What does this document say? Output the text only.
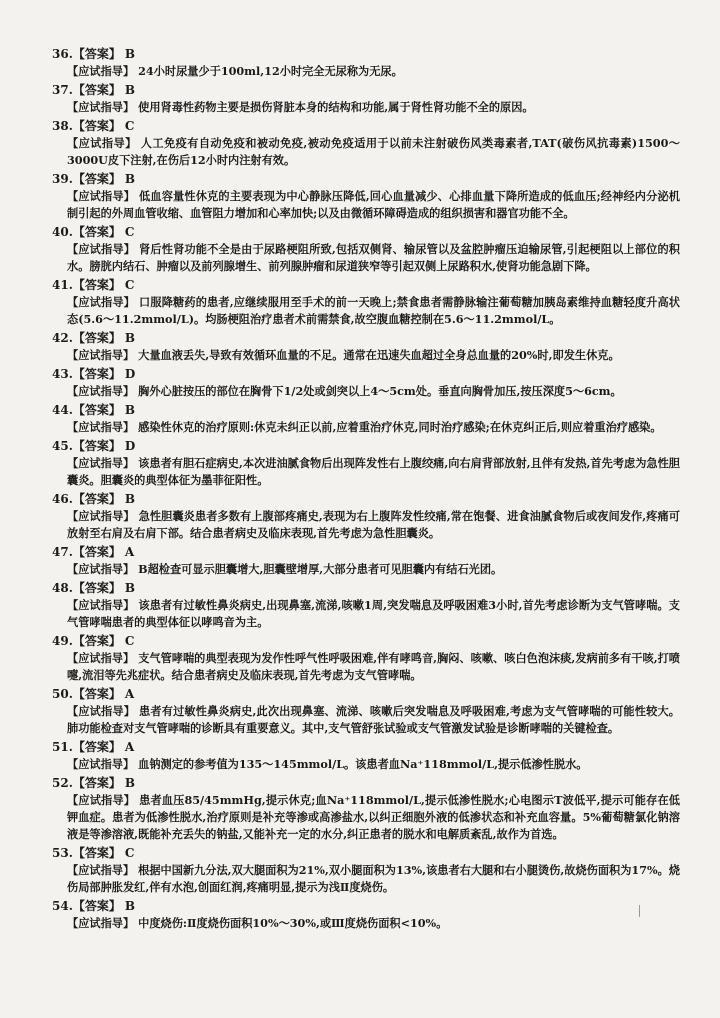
36.【答案】 B
【应试指导】 24小时尿量少于100ml,12小时完全无尿称为无尿。
37.【答案】 B
【应试指导】 使用肾毒性药物主要是损伤肾脏本身的结构和功能,属于肾性肾功能不全的原因。
38.【答案】 C
【应试指导】 人工免疫有自动免疫和被动免疫,被动免疫适用于以前未注射破伤风类毒素者,TAT(破伤风抗毒素)1500～3000U皮下注射,在伤后12小时内注射有效。
39.【答案】 B
【应试指导】 低血容量性休克的主要表现为中心静脉压降低,回心血量减少、心排血量下降所造成的低血压;经神经内分泌机制引起的外周血管收缩、血管阻力增加和心率加快;以及由微循环障碍造成的组织损害和器官功能不全。
40.【答案】 C
【应试指导】 肾后性肾功能不全是由于尿路梗阻所致,包括双侧肾、输尿管以及盆腔肿瘤压迫输尿管,引起梗阻以上部位的积水。膀胱内结石、肿瘤以及前列腺增生、前列腺肿瘤和尿道狭窄等引起双侧上尿路积水,使肾功能急剧下降。
41.【答案】 C
【应试指导】 口服降糖药的患者,应继续服用至手术的前一天晚上;禁食患者需静脉输注葡萄糖加胰岛素维持血糖轻度升高状态(5.6～11.2mmol/L)。均肠梗阻治疗患者术前需禁食,故空腹血糖控制在5.6～11.2mmol/L。
42.【答案】 B
【应试指导】 大量血液丢失,导致有效循环血量的不足。通常在迅速失血超过全身总血量的20%时,即发生休克。
43.【答案】 D
【应试指导】 胸外心脏按压的部位在胸骨下1/2处或剑突以上4～5cm处。垂直向胸骨加压,按压深度5～6cm。
44.【答案】 B
【应试指导】 感染性休克的治疗原则:休克未纠正以前,应着重治疗休克,同时治疗感染;在休克纠正后,则应着重治疗感染。
45.【答案】 D
【应试指导】 该患者有胆石症病史,本次进油腻食物后出现阵发性右上腹绞痛,向右肩背部放射,且伴有发热,首先考虑为急性胆囊炎。胆囊炎的典型体征为墨菲征阳性。
46.【答案】 B
【应试指导】 急性胆囊炎患者多数有上腹部疼痛史,表现为右上腹阵发性绞痛,常在饱餐、进食油腻食物后或夜间发作,疼痛可放射至右肩及右肩下部。结合患者病史及临床表现,首先考虑为急性胆囊炎。
47.【答案】 A
【应试指导】 B超检查可显示胆囊增大,胆囊壁增厚,大部分患者可见胆囊内有结石光团。
48.【答案】 B
【应试指导】 该患者有过敏性鼻炎病史,出现鼻塞,流涕,咳嗽1周,突发喘息及呼吸困难3小时,首先考虑诊断为支气管哮喘。支气管哮喘患者的典型体征以哮鸣音为主。
49.【答案】 C
【应试指导】 支气管哮喘的典型表现为发作性呼气性呼吸困难,伴有哮鸣音,胸闷、咳嗽、咳白色泡沫痰,发病前多有干咳,打喷嚏,流泪等先兆症状。结合患者病史及临床表现,首先考虑为支气管哮喘。
50.【答案】 A
【应试指导】 患者有过敏性鼻炎病史,此次出现鼻塞、流涕、咳嗽后突发喘息及呼吸困难,考虑为支气管哮喘的可能性较大。肺功能检查对支气管哮喘的诊断具有重要意义。其中,支气管舒张试验或支气管激发试验是诊断哮喘的关键检查。
51.【答案】 A
【应试指导】 血钠测定的参考值为135～145mmol/L。该患者血Na⁺118mmol/L,提示低渗性脱水。
52.【答案】 B
【应试指导】 患者血压85/45mmHg,提示休克;血Na⁺118mmol/L,提示低渗性脱水;心电图示T波低平,提示可能存在低钾血症。患者为低渗性脱水,治疗原则是补充等渗或高渗盐水,以纠正细胞外液的低渗状态和补充血容量。5%葡萄糖氯化钠溶液是等渗溶液,既能补充丢失的钠盐,又能补充一定的水分,纠正患者的脱水和电解质紊乱,故作为首选。
53.【答案】 C
【应试指导】 根据中国新九分法,双大腿面积为21%,双小腿面积为13%,该患者右大腿和右小腿烫伤,故烧伤面积为17%。烧伤局部肿胀发红,伴有水泡,创面红润,疼痛明显,提示为浅Ⅱ度烧伤。
54.【答案】 B
【应试指导】 中度烧伤:Ⅱ度烧伤面积10%～30%,或Ⅲ度烧伤面积<10%。
